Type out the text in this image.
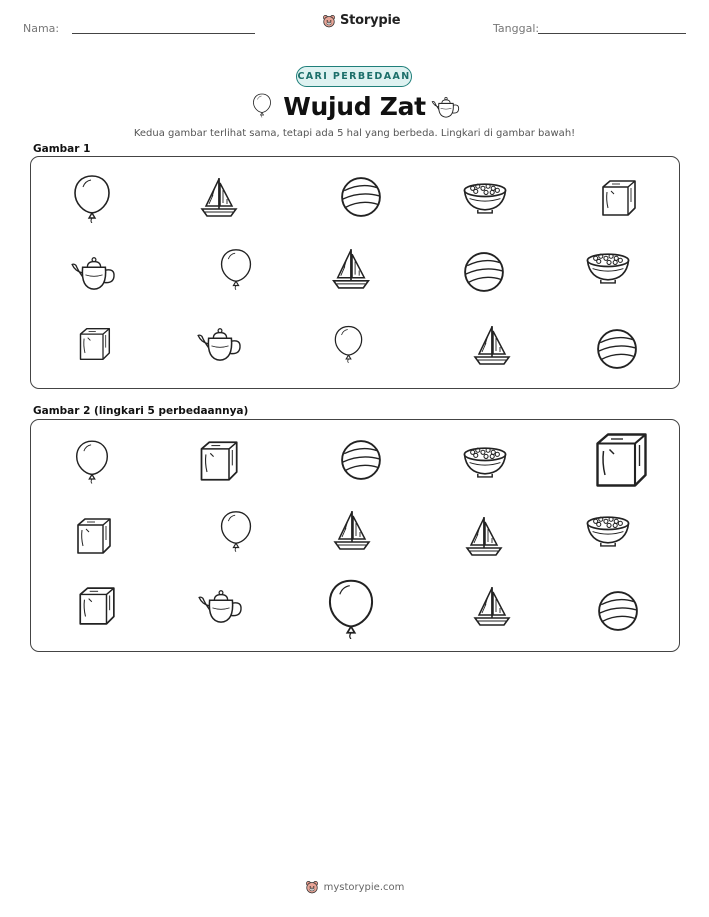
Nama:
Storypie
Tanggal:
CARI PERBEDAAN
Wujud Zat
Kedua gambar terlihat sama, tetapi ada 5 hal yang berbeda. Lingkari di gambar bawah!
Gambar 1
Gambar 2 (lingkari 5 perbedaannya)
mystorypie.com
